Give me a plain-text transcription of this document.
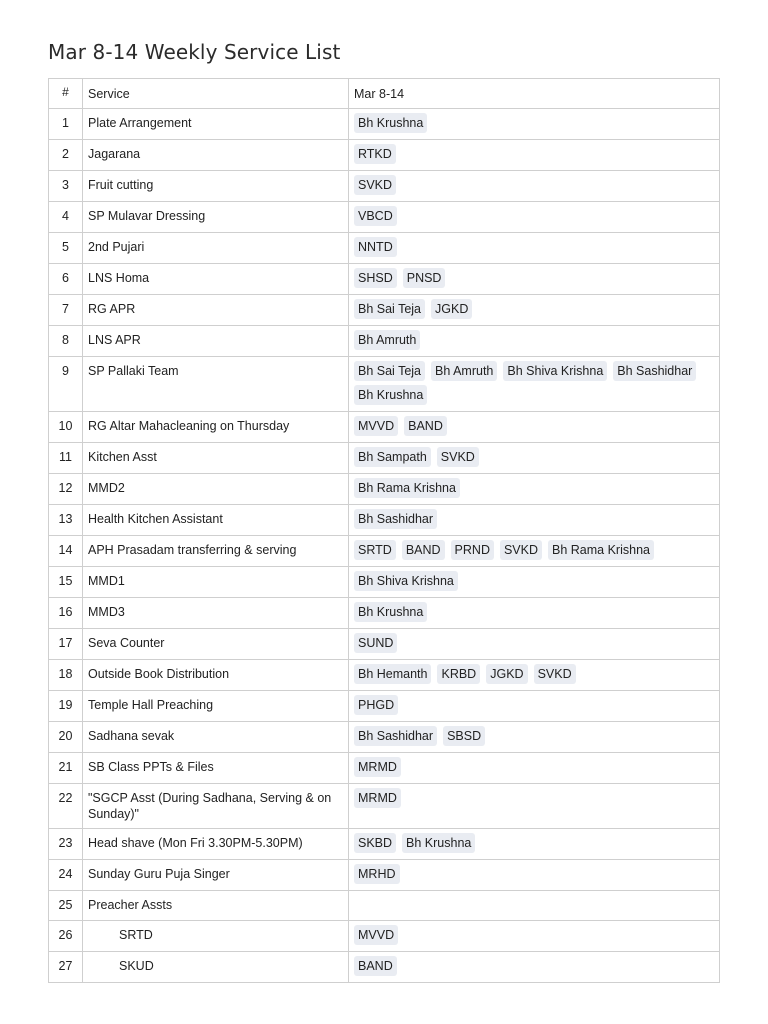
Mar 8-14 Weekly Service List
#	Service	Mar 8-14
1	Plate Arrangement	Bh Krushna
2	Jagarana	RTKD
3	Fruit cutting	SVKD
4	SP Mulavar Dressing	VBCD
5	2nd Pujari	NNTD
6	LNS Homa	SHSD PNSD
7	RG APR	Bh Sai Teja JGKD
8	LNS APR	Bh Amruth
9	SP Pallaki Team	Bh Sai Teja Bh Amruth Bh Shiva Krishna Bh SashidharBh Krushna
10	RG Altar Mahacleaning on Thursday	MVVD BAND
11	Kitchen Asst	Bh Sampath SVKD
12	MMD2	Bh Rama Krishna
13	Health Kitchen Assistant	Bh Sashidhar
14	APH Prasadam transferring & serving	SRTD BAND PRND SVKD Bh Rama Krishna
15	MMD1	Bh Shiva Krishna
16	MMD3	Bh Krushna
17	Seva Counter	SUND
18	Outside Book Distribution	Bh Hemanth KRBD JGKD SVKD
19	Temple Hall Preaching	PHGD
20	Sadhana sevak	Bh Sashidhar SBSD
21	SB Class PPTs & Files	MRMD
22	"SGCP Asst (During Sadhana, Serving & on Sunday)"	MRMD
23	Head shave (Mon Fri 3.30PM-5.30PM)	SKBD Bh Krushna
24	Sunday Guru Puja Singer	MRHD
25	Preacher Assts	
26	SRTD	MVVD
27	SKUD	BAND
